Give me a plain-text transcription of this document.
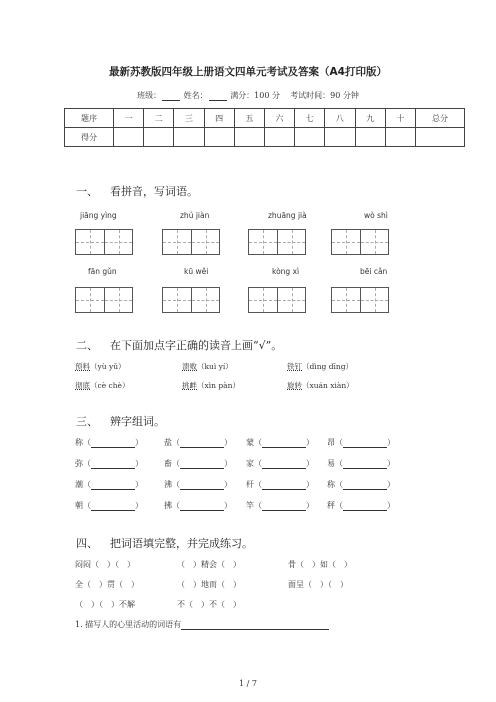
最新苏教版四年级上册语文四单元考试及答案（A4打印版）
班级：	姓名：	满分：100 分 考试时间：90 分钟
题序	一	二	三	四	五	六	七	八	九	十	总分
得分											
一、 看拼音，写词语。
jiāng yìng	zhú jiàn	zhuāng jià	wò shì
fān gǔn	kū wěi	kòng xì	bēi cǎn
二、 在下面加点字正确的读音上画“√”。
预料（yù yǔ）	溃败（kuì yí）	铁钉（dìng dīng）
彻底（cè chè）	挑衅（xìn pàn）	旋转（xuán xiàn）
三、 辨字组词。
称（	）	盐（	） 蒙（	） 昂（	）
弥（	）	畜（	） 家（	） 易（	）
潮（	）	沸（	） 杆（	） 称（	）
朝（	）	拂（	） 竿（	） 秤（	）
四、 把词语填完整，并完成练习。
闷闷（　）（　）	（　）精会（　）	骨（　）如（　）
全（　）贯（　）	（　）地而（　）	面呈（　）（　）
（　）（　）不解	不（　）不（　）
1. 描写人的心里活动的词语有
1 / 7
